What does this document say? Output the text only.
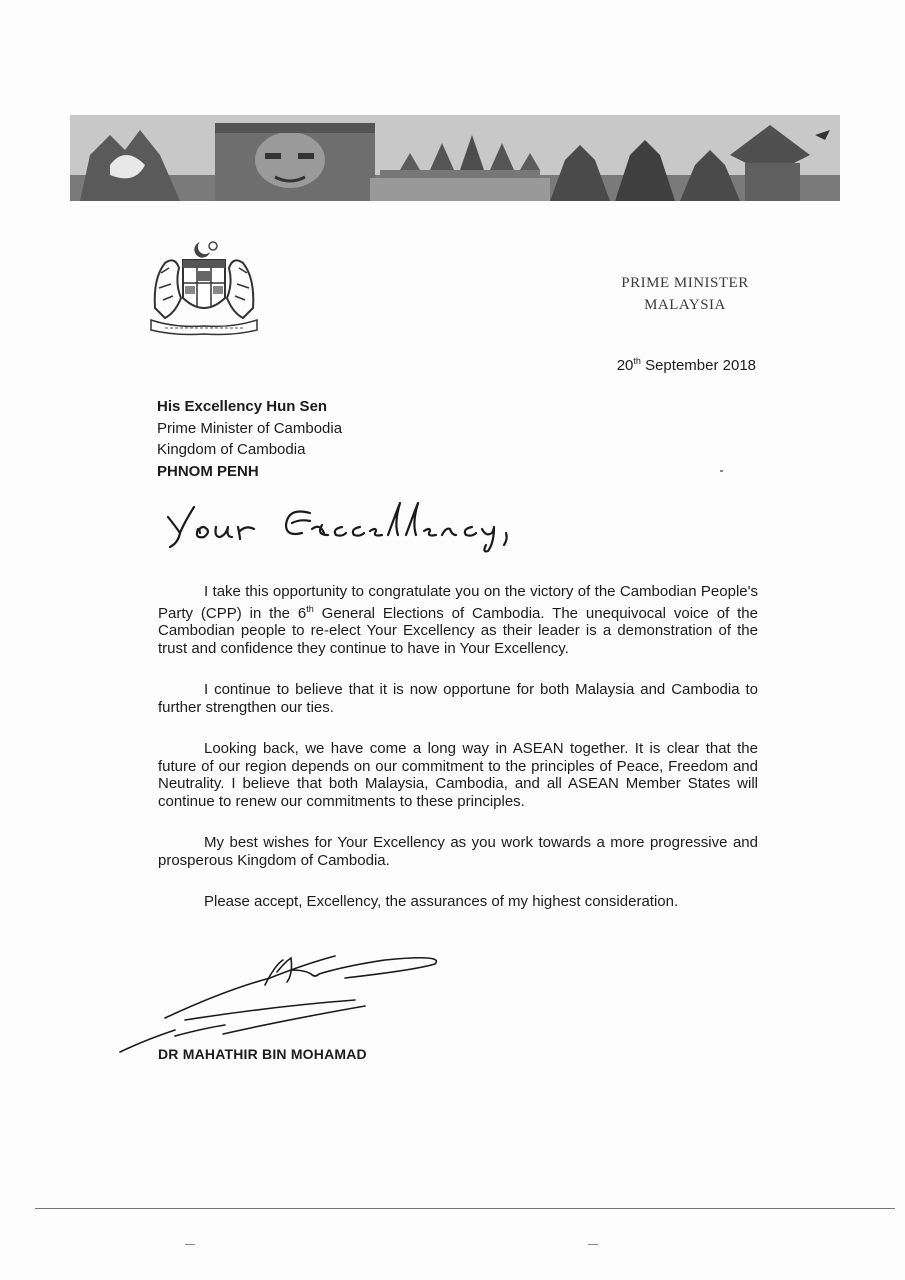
PRIME MINISTER
MALAYSIA
20th September 2018
His Excellency Hun Sen
Prime Minister of Cambodia
Kingdom of Cambodia
PHNOM PENH

I take this opportunity to congratulate you on the victory of the Cambodian People's Party (CPP) in the 6th General Elections of Cambodia. The unequivocal voice of the Cambodian people to re-elect Your Excellency as their leader is a demonstration of the trust and confidence they continue to have in Your Excellency.

I continue to believe that it is now opportune for both Malaysia and Cambodia to further strengthen our ties.

Looking back, we have come a long way in ASEAN together. It is clear that the future of our region depends on our commitment to the principles of Peace, Freedom and Neutrality. I believe that both Malaysia, Cambodia, and all ASEAN Member States will continue to renew our commitments to these principles.

My best wishes for Your Excellency as you work towards a more progressive and prosperous Kingdom of Cambodia.

Please accept, Excellency, the assurances of my highest consideration.

DR MAHATHIR BIN MOHAMAD
